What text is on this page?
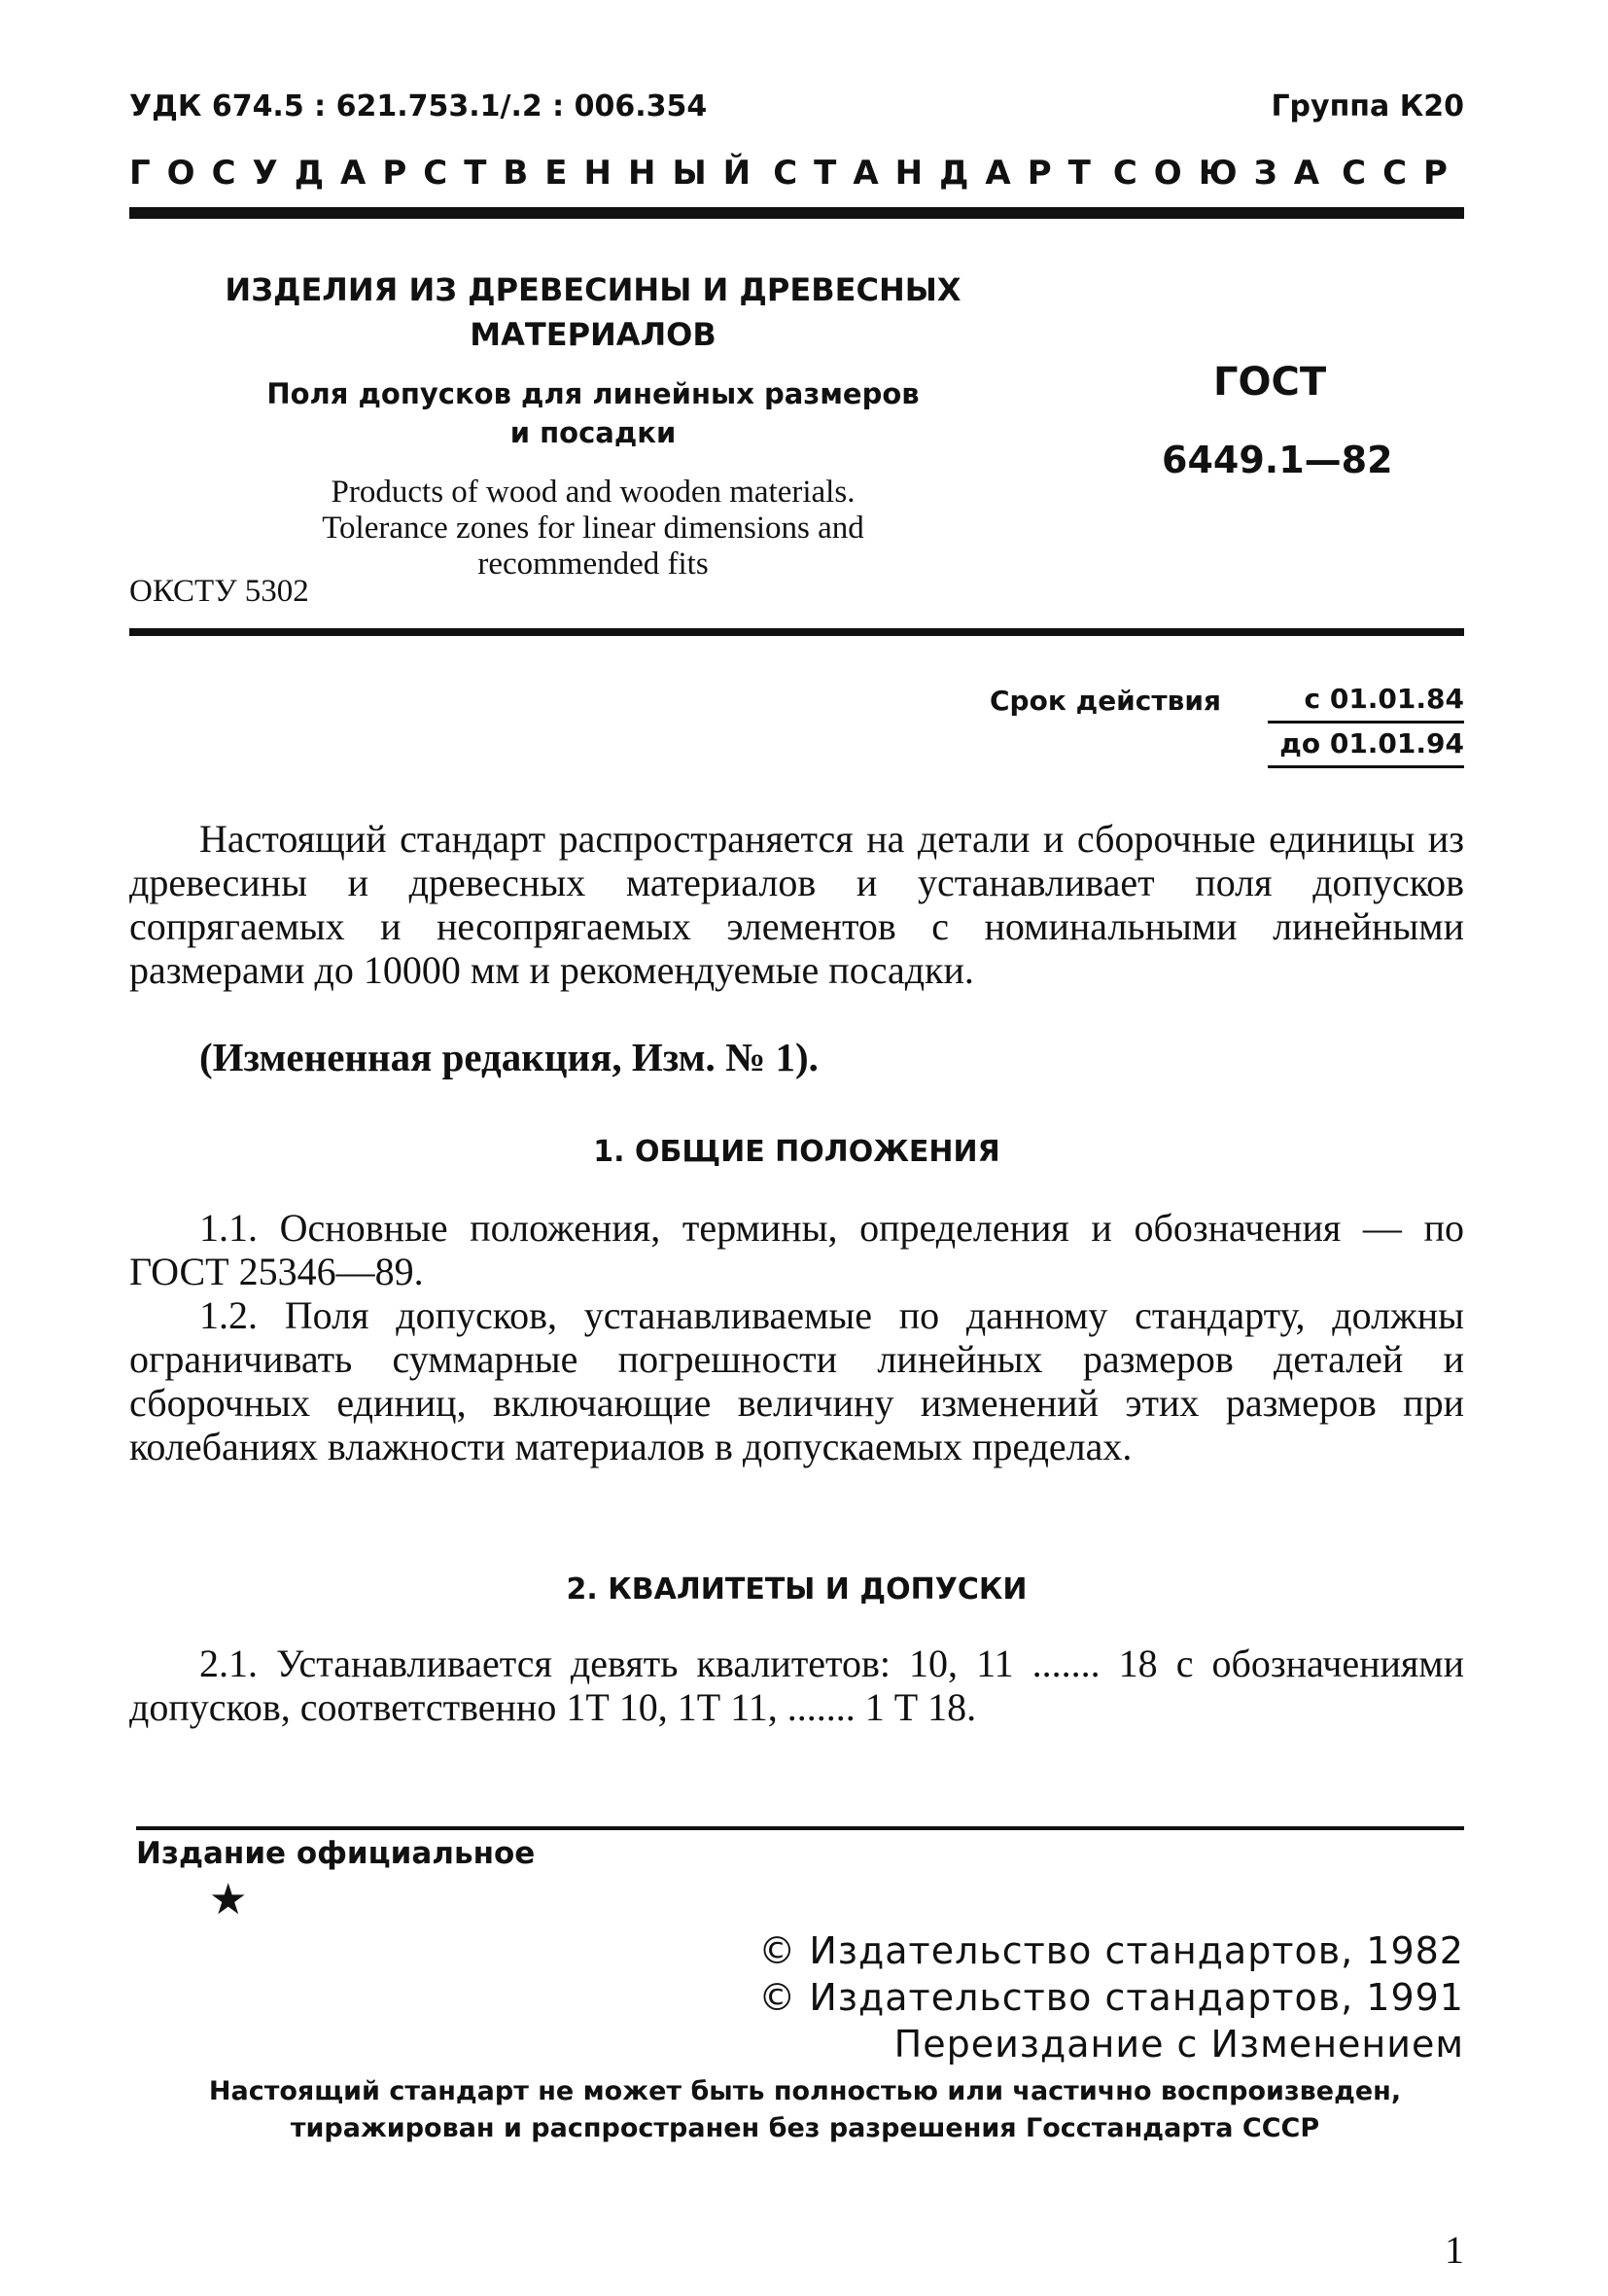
УДК 674.5 : 621.753.1/.2 : 006.354	Группа К20
ГОСУДАРСТВЕННЫЙ СТАНДАРТ СОЮЗА ССР
ИЗДЕЛИЯ ИЗ ДРЕВЕСИНЫ И ДРЕВЕСНЫХ
МАТЕРИАЛОВ
Поля допусков для линейных размеров
и посадки
Products of wood and wooden materials.
Tolerance zones for linear dimensions and
recommended fits
ОКСТУ 5302
ГОСТ
6449.1—82
Срок действия	с 01.01.84
до 01.01.94
Настоящий стандарт распространяется на детали и сборочные единицы из древесины и древесных материалов и устанавливает поля допусков сопрягаемых и несопрягаемых элементов с номинальными линейными размерами до 10000 мм и рекомендуемые посадки.
(Измененная редакция, Изм. № 1).
1. ОБЩИЕ ПОЛОЖЕНИЯ
1.1. Основные положения, термины, определения и обозначения — по ГОСТ 25346—89.
1.2. Поля допусков, устанавливаемые по данному стандарту, должны ограничивать суммарные погрешности линейных размеров деталей и сборочных единиц, включающие величину изменений этих размеров при колебаниях влажности материалов в допускаемых пределах.
2. КВАЛИТЕТЫ И ДОПУСКИ
2.1. Устанавливается девять квалитетов: 10, 11 ....... 18 с обозначениями допусков, соответственно 1Т 10, 1Т 11, ....... 1 Т 18.
Издание официальное
★
© Издательство стандартов, 1982
© Издательство стандартов, 1991
Переиздание с Изменением
Настоящий стандарт не может быть полностью или частично воспроизведен,
тиражирован и распространен без разрешения Госстандарта СССР
1
